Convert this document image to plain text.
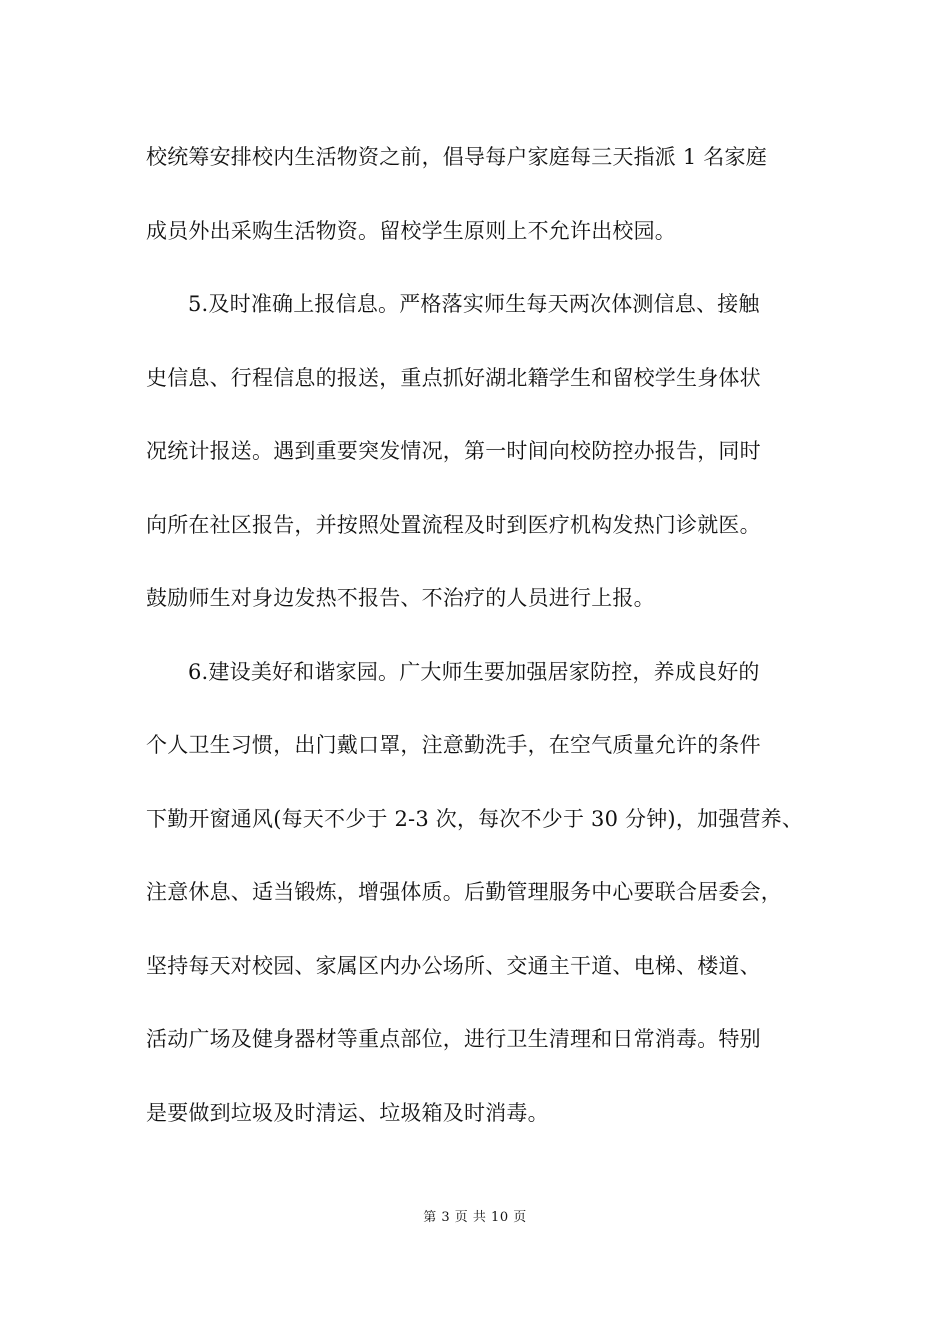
校统筹安排校内生活物资之前，倡导每户家庭每三天指派 1 名家庭
成员外出采购生活物资。留校学生原则上不允许出校园。
5.及时准确上报信息。严格落实师生每天两次体测信息、接触
史信息、行程信息的报送，重点抓好湖北籍学生和留校学生身体状
况统计报送。遇到重要突发情况，第一时间向校防控办报告，同时
向所在社区报告，并按照处置流程及时到医疗机构发热门诊就医。
鼓励师生对身边发热不报告、不治疗的人员进行上报。
6.建设美好和谐家园。广大师生要加强居家防控，养成良好的
个人卫生习惯，出门戴口罩，注意勤洗手，在空气质量允许的条件
下勤开窗通风(每天不少于 2-3 次，每次不少于 30 分钟)，加强营养、
注意休息、适当锻炼，增强体质。后勤管理服务中心要联合居委会，
坚持每天对校园、家属区内办公场所、交通主干道、电梯、楼道、
活动广场及健身器材等重点部位，进行卫生清理和日常消毒。特别
是要做到垃圾及时清运、垃圾箱及时消毒。
第 3 页 共 10 页
